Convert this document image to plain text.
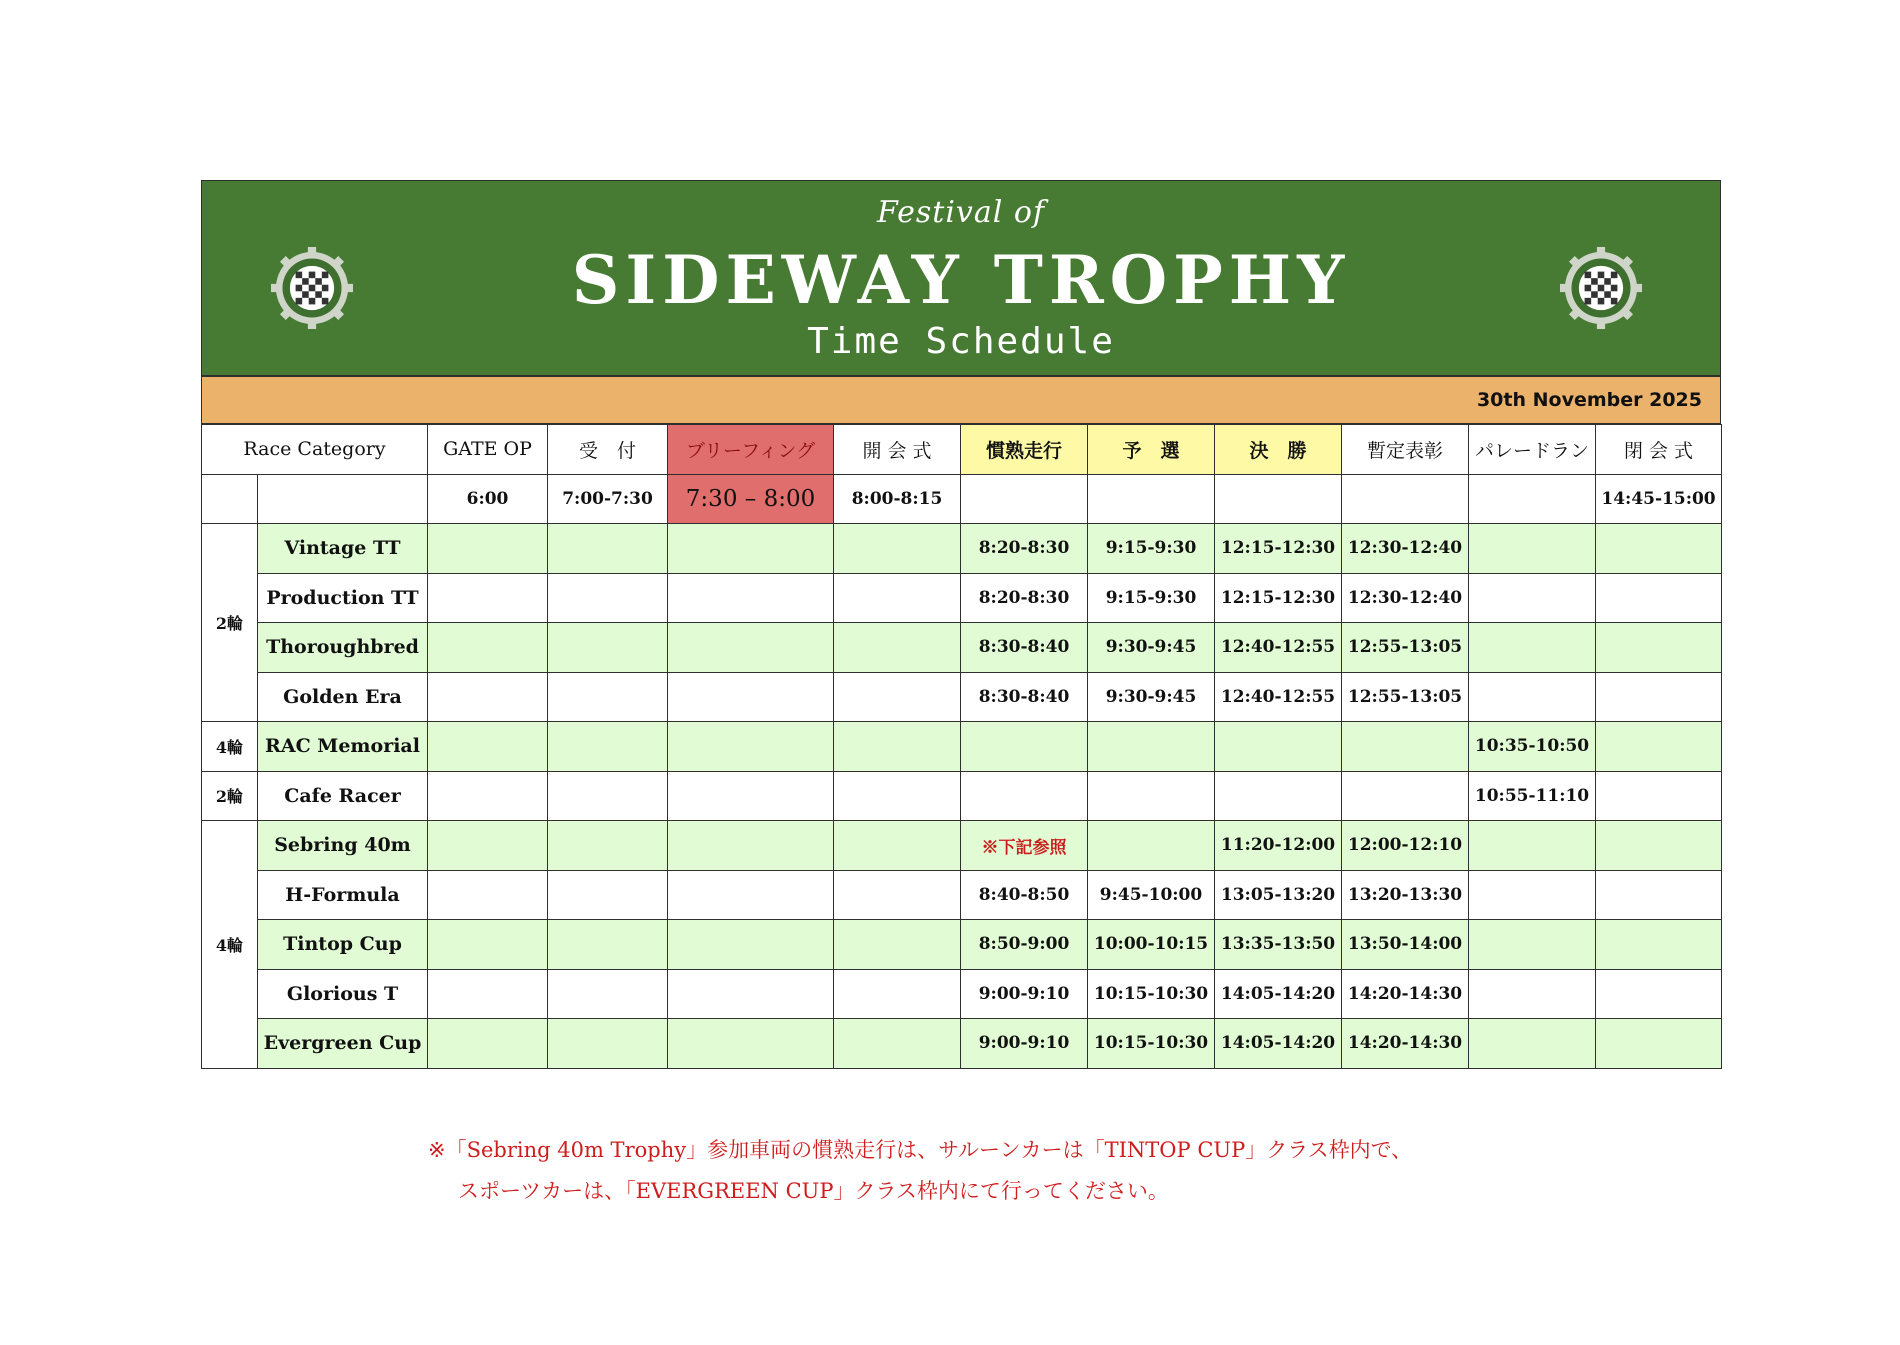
Festival of
SIDEWAY TROPHY
Time Schedule
30th November 2025
Race Category		GATE OP	受　付	ブリーフィング	開 会 式	慣熟走行	予　選	決　勝	暫定表彰	パレードラン	閉 会 式
		6:00	7:00-7:30	7:30 – 8:00	8:00-8:15						14:45-15:00
2輪	Vintage TT					8:20-8:30	9:15-9:30	12:15-12:30	12:30-12:40		
	Production TT					8:20-8:30	9:15-9:30	12:15-12:30	12:30-12:40		
	Thoroughbred					8:30-8:40	9:30-9:45	12:40-12:55	12:55-13:05		
	Golden Era					8:30-8:40	9:30-9:45	12:40-12:55	12:55-13:05		
4輪	RAC Memorial									10:35-10:50	
2輪	Cafe Racer									10:55-11:10	
4輪	Sebring 40m					※下記参照		11:20-12:00	12:00-12:10		
	H-Formula					8:40-8:50	9:45-10:00	13:05-13:20	13:20-13:30		
	Tintop Cup					8:50-9:00	10:00-10:15	13:35-13:50	13:50-14:00		
	Glorious T					9:00-9:10	10:15-10:30	14:05-14:20	14:20-14:30		
	Evergreen Cup					9:00-9:10	10:15-10:30	14:05-14:20	14:20-14:30		
※「Sebring 40m Trophy」参加車両の慣熟走行は、サルーンカーは「TINTOP CUP」クラス枠内で、
スポーツカーは、「EVERGREEN CUP」クラス枠内にて行ってください。
